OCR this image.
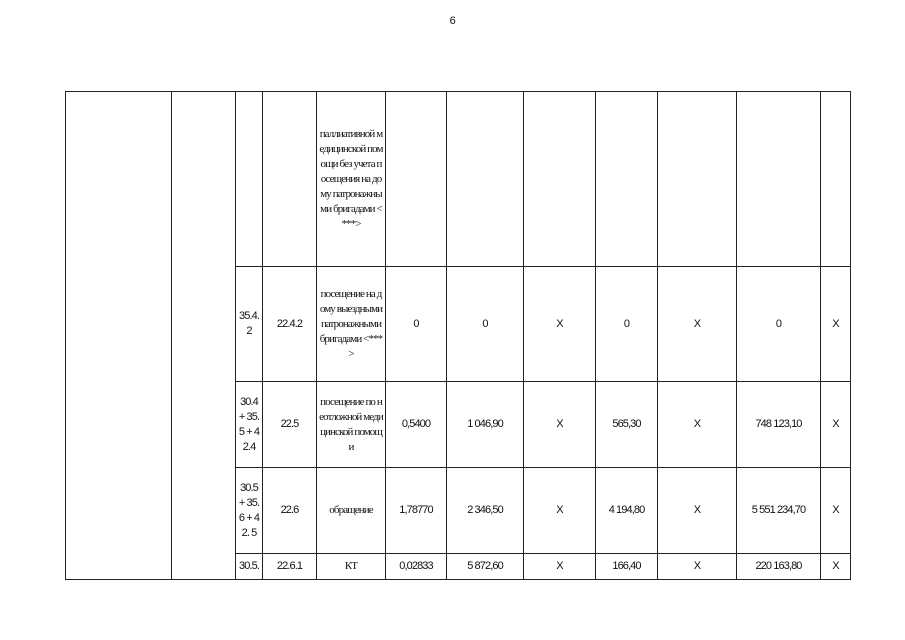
6
				паллиативной медицинской помощи без учета посещения на дому патронажными бригадами <***>							
		35.4.2	22.4.2	посещение на дому выездными патронажными бригадами <***>	0	0	X	0	X	0	X
		30.4 + 35.5 + 42.4	22.5	посещение по неотложной медицинской помощи	0,5400	1 046,90	X	565,30	X	748 123,10	X
		30.5 + 35.6 + 42. 5	22.6	обращение	1,78770	2 346,50	X	4 194,80	X	5 551 234,70	X
		30.5.	22.6.1	КТ	0,02833	5 872,60	X	166,40	X	220 163,80	X
